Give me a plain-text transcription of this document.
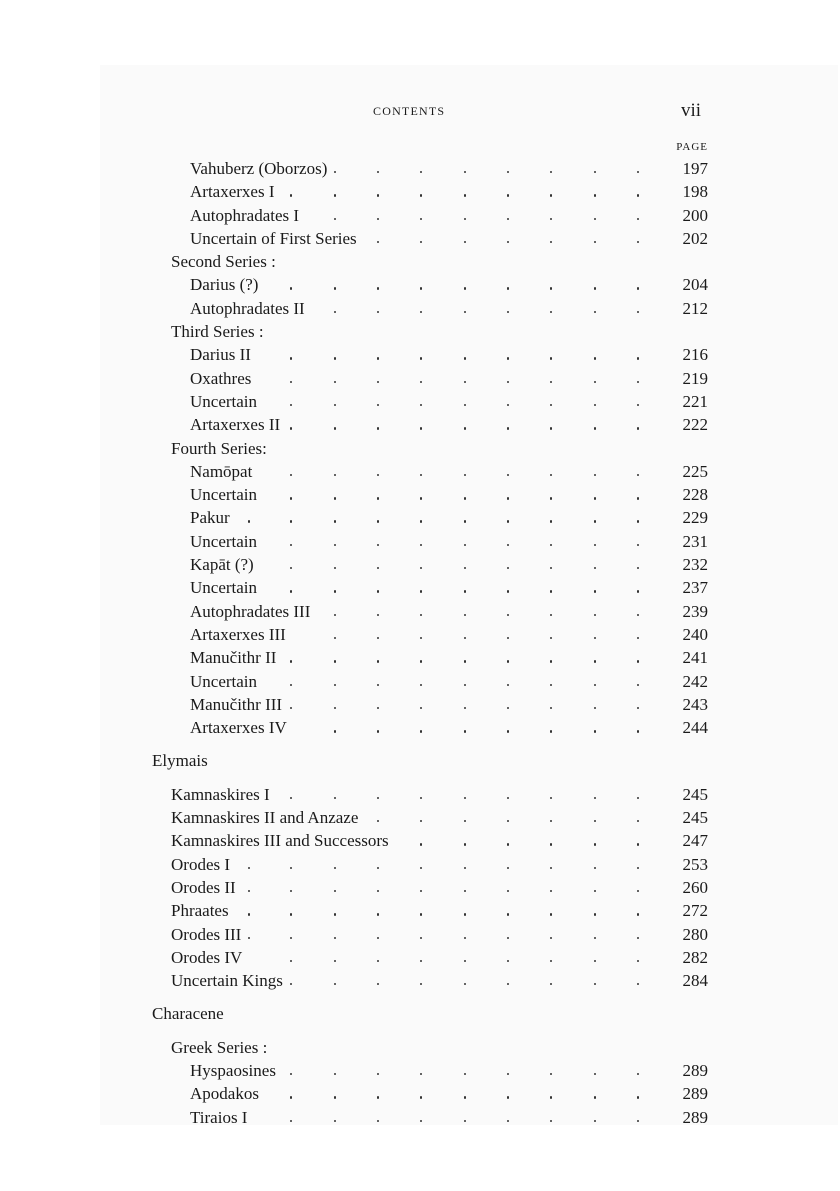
CONTENTS	vii
PAGE
Vahuberz (Oborzos)	197
Artaxerxes I	198
Autophradates I	200
Uncertain of First Series	202
Second Series :
Darius (?)	204
Autophradates II	212
Third Series :
Darius II	216
Oxathres	219
Uncertain	221
Artaxerxes II	222
Fourth Series:
Namōpat	225
Uncertain	228
Pakur	229
Uncertain	231
Kapāt (?)	232
Uncertain	237
Autophradates III	239
Artaxerxes III	240
Manučithr II	241
Uncertain	242
Manučithr III	243
Artaxerxes IV	244
Elymais
Kamnaskires I	245
Kamnaskires II and Anzaze	245
Kamnaskires III and Successors	247
Orodes I	253
Orodes II	260
Phraates	272
Orodes III	280
Orodes IV	282
Uncertain Kings	284
Characene
Greek Series :
Hyspaosines	289
Apodakos	289
Tiraios I	289
